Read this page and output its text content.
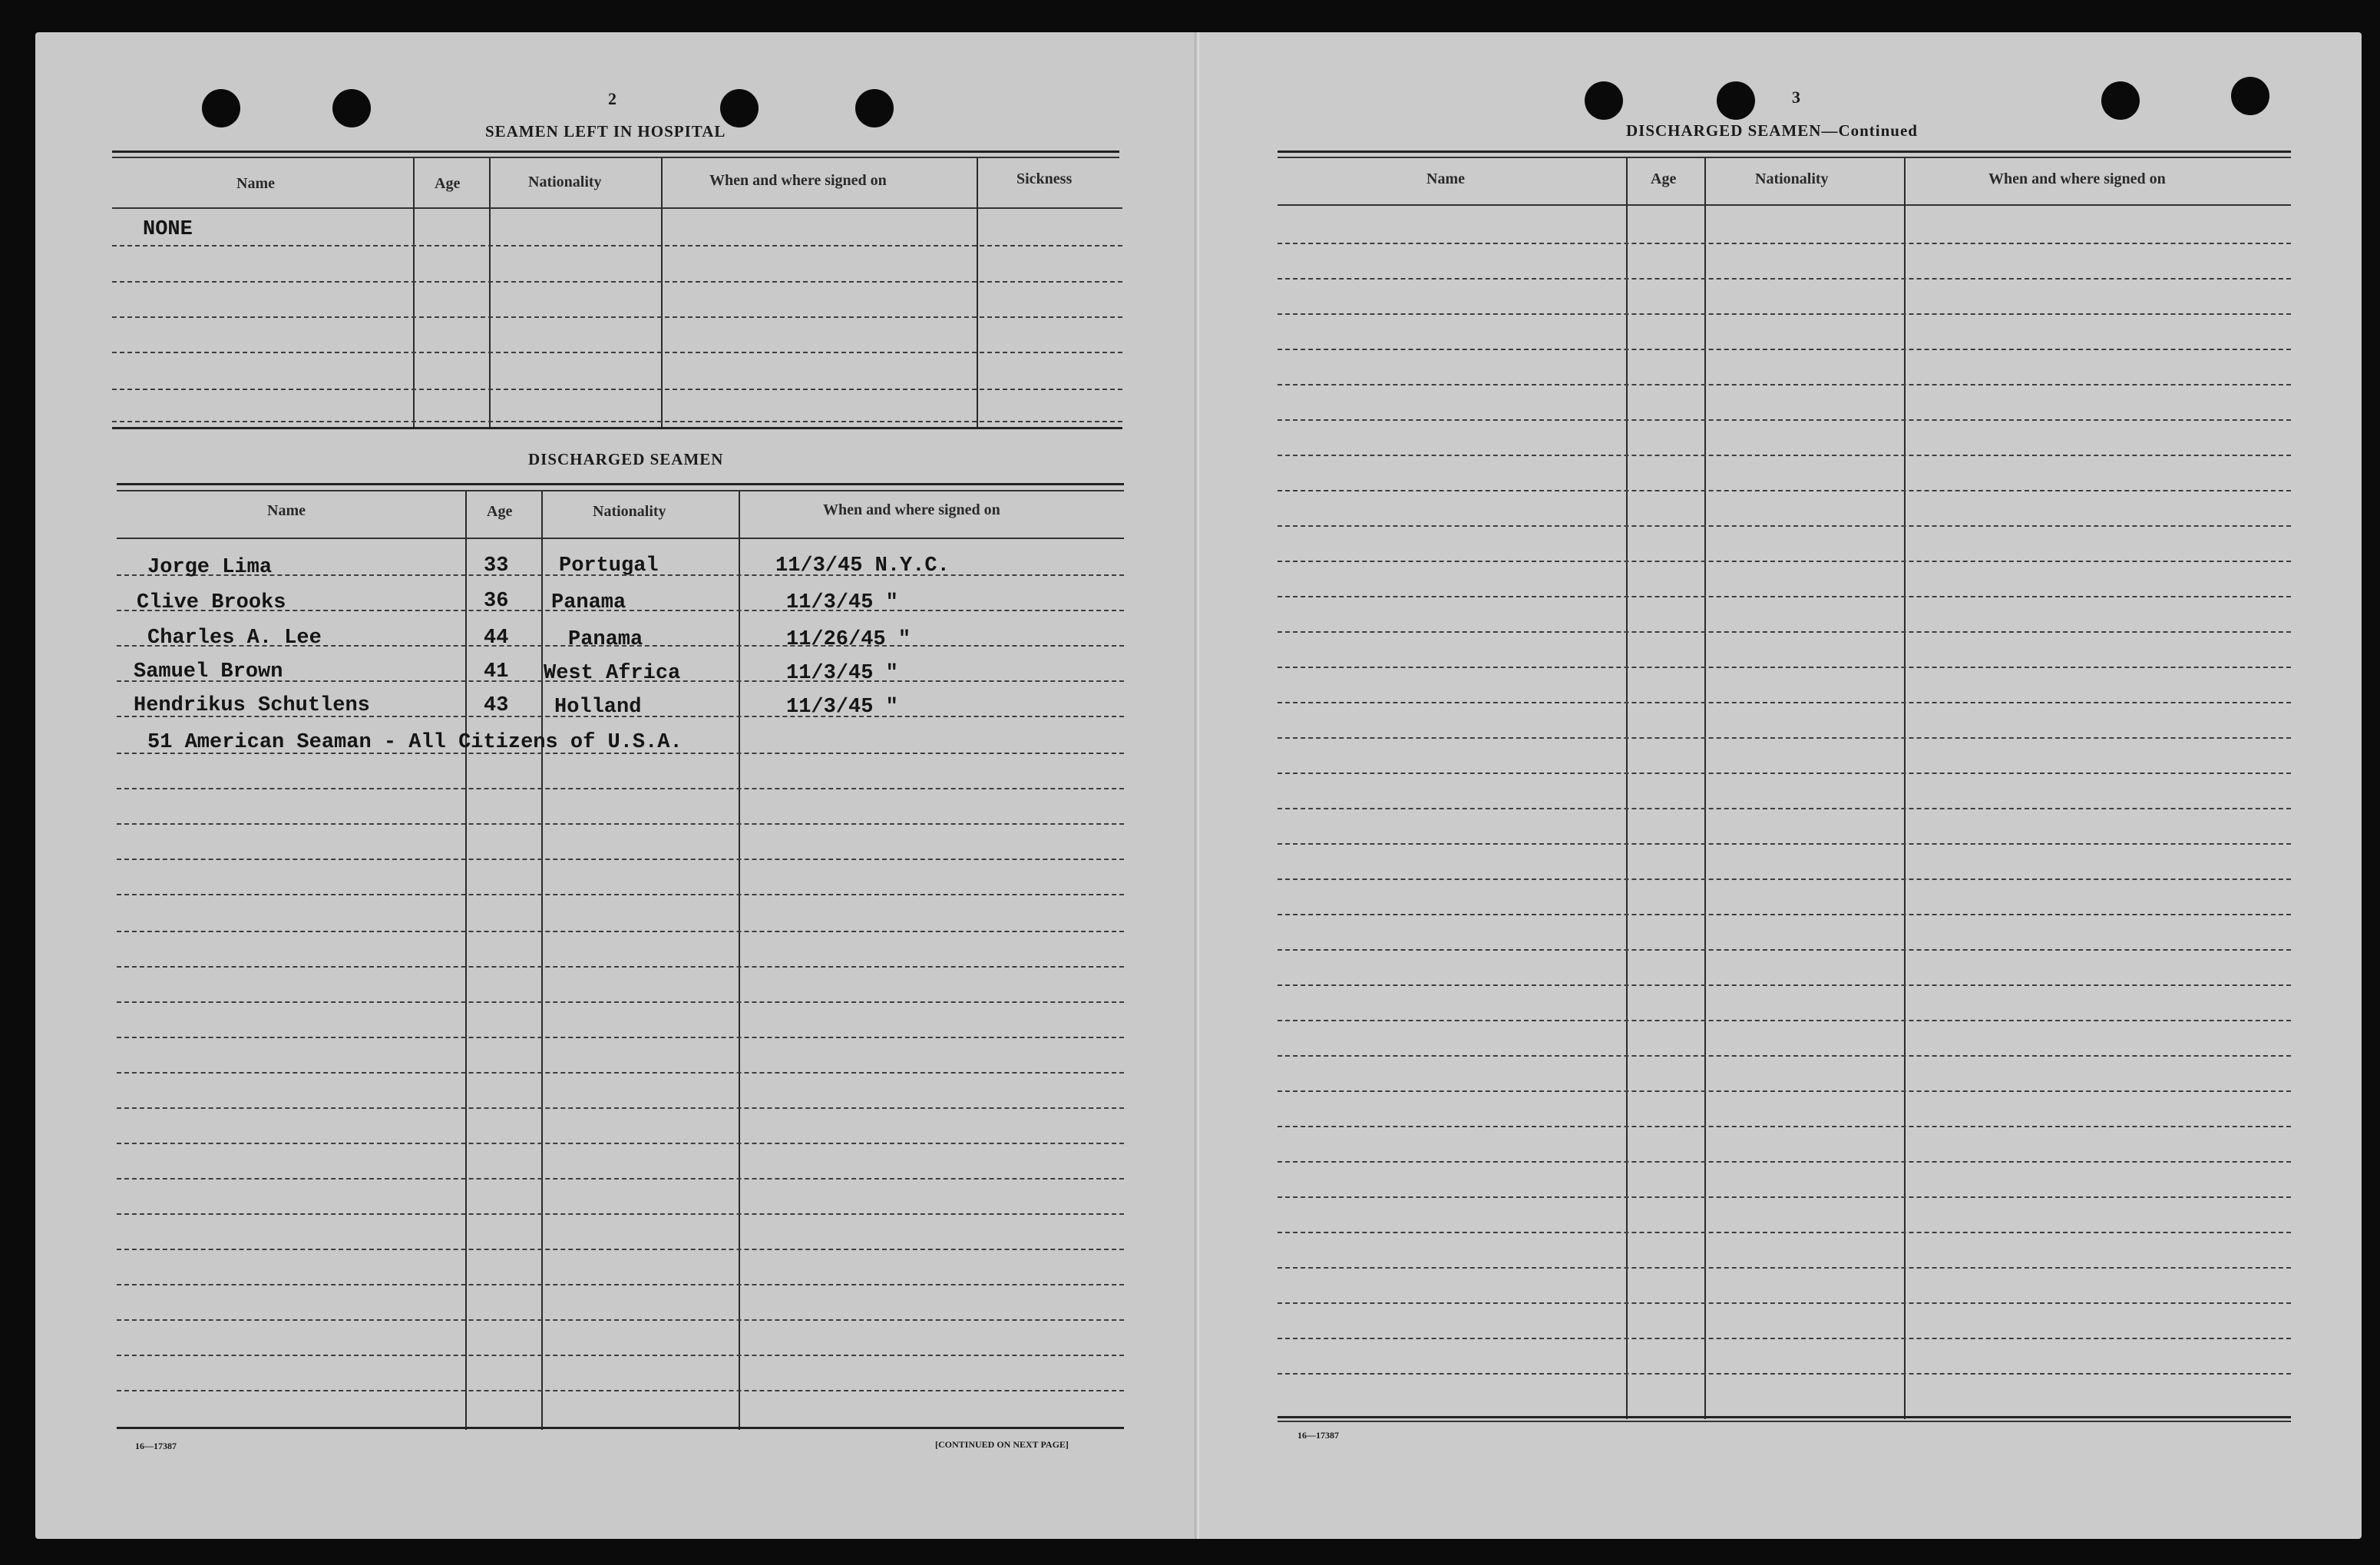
2
SEAMEN LEFT IN HOSPITAL
Name	Age	Nationality	When and where signed on	Sickness
NONE
DISCHARGED SEAMEN
Name	Age	Nationality	When and where signed on
Jorge Lima	33 Portugal	11/3/45 N.Y.C.
Clive Brooks	36 Panama	11/3/45 "
Charles A. Lee	44	Panama	11/26/45 "
Samuel Brown	41 West Africa	11/3/45 "
Hendrikus Schutlens	43 Holland	11/3/45 "
51 American Seaman - All Citizens of U.S.A.
16—17387	[CONTINUED ON NEXT PAGE]
3
DISCHARGED SEAMEN—Continued
Name	Age	Nationality	When and where signed on
16—17387
